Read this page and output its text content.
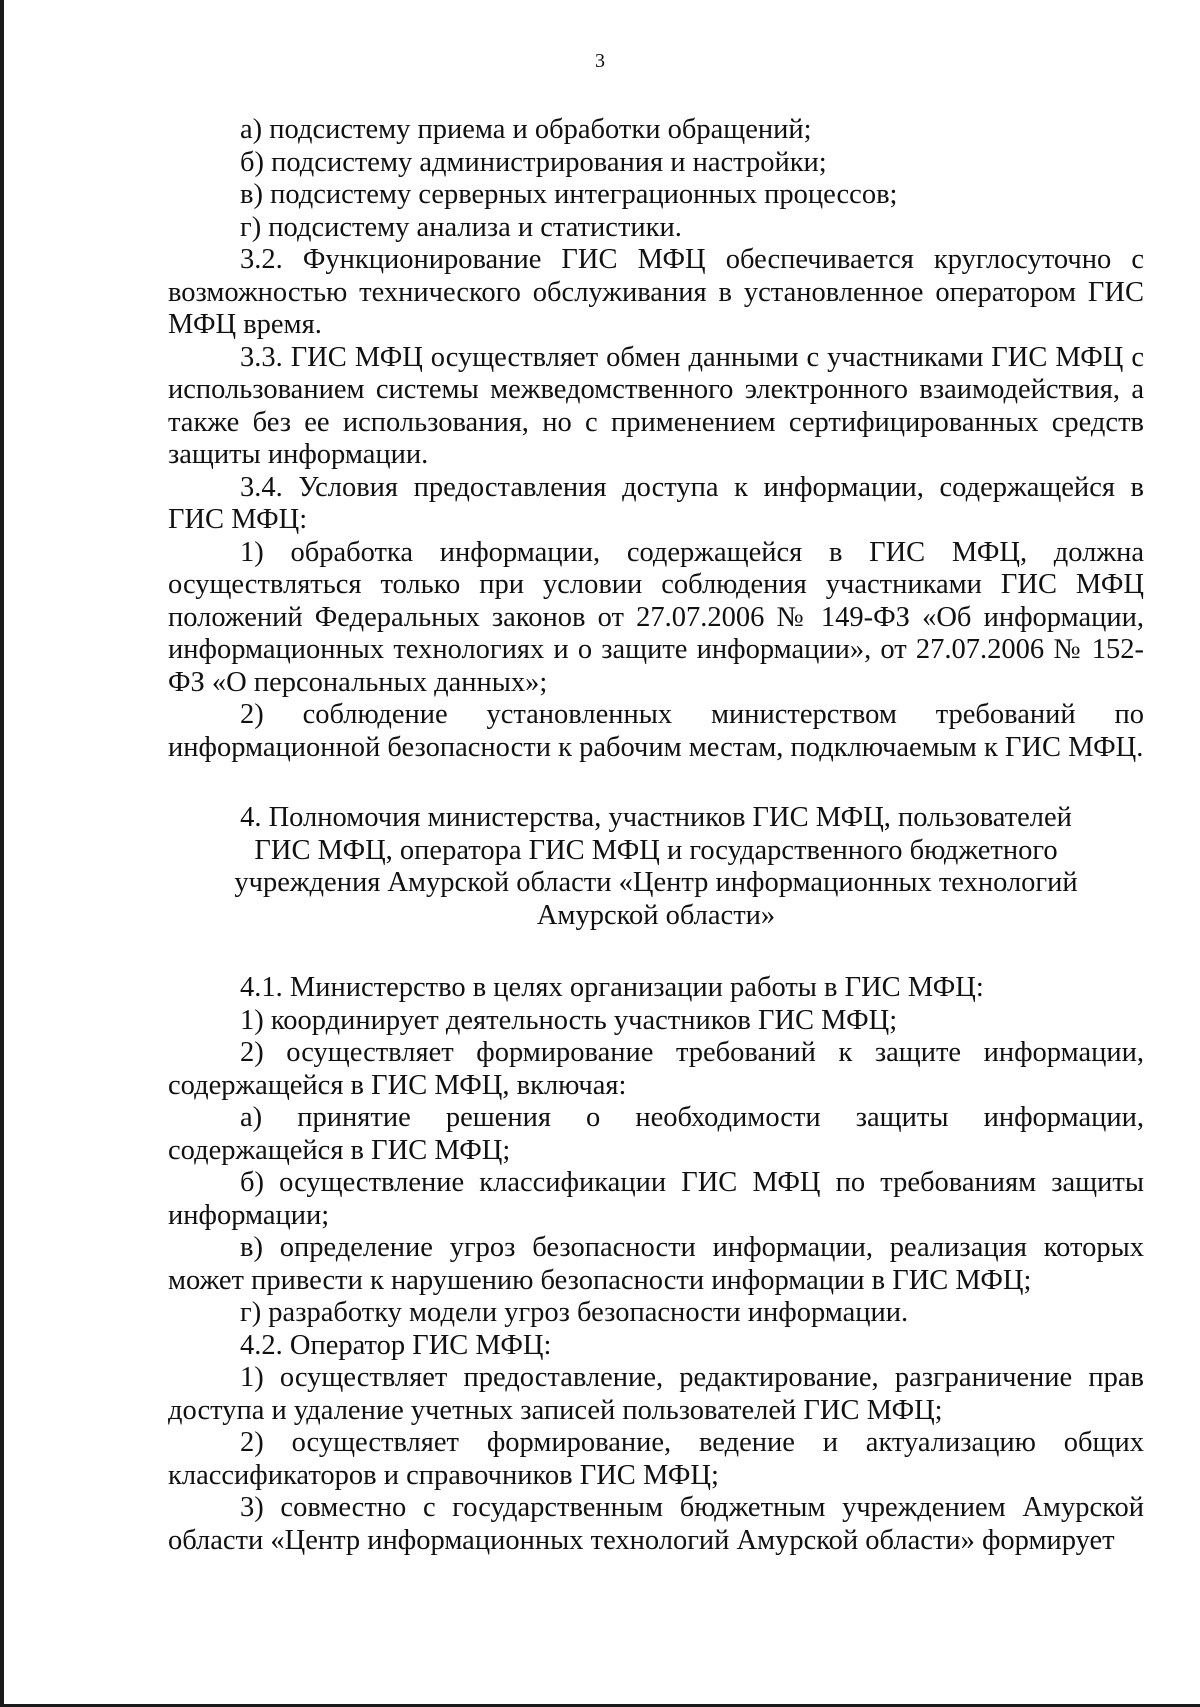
3

а) подсистему приема и обработки обращений;

б) подсистему администрирования и настройки;

в) подсистему серверных интеграционных процессов;

г) подсистему анализа и статистики.

3.2. Функционирование ГИС МФЦ обеспечивается круглосуточно с возможностью технического обслуживания в установленное оператором ГИС МФЦ время.

3.3. ГИС МФЦ осуществляет обмен данными с участниками ГИС МФЦ с использованием системы межведомственного электронного взаимодействия, а также без ее использования, но с применением сертифицированных средств защиты информации.

3.4. Условия предоставления доступа к информации, содержащейся в ГИС МФЦ:

1) обработка информации, содержащейся в ГИС МФЦ, должна осуществляться только при условии соблюдения участниками ГИС МФЦ положений Федеральных законов от 27.07.2006 № 149-ФЗ «Об информации, информационных технологиях и о защите информации», от 27.07.2006 № 152-ФЗ «О персональных данных»;

2) соблюдение установленных министерством требований по информационной безопасности к рабочим местам, подключаемым к ГИС МФЦ.

4. Полномочия министерства, участников ГИС МФЦ, пользователей ГИС МФЦ, оператора ГИС МФЦ и государственного бюджетного учреждения Амурской области «Центр информационных технологий Амурской области»

4.1. Министерство в целях организации работы в ГИС МФЦ:

1) координирует деятельность участников ГИС МФЦ;

2) осуществляет формирование требований к защите информации, содержащейся в ГИС МФЦ, включая:

а) принятие решения о необходимости защиты информации, содержащейся в ГИС МФЦ;

б) осуществление классификации ГИС МФЦ по требованиям защиты информации;

в) определение угроз безопасности информации, реализация которых может привести к нарушению безопасности информации в ГИС МФЦ;

г) разработку модели угроз безопасности информации.

4.2. Оператор ГИС МФЦ:

1) осуществляет предоставление, редактирование, разграничение прав доступа и удаление учетных записей пользователей ГИС МФЦ;

2) осуществляет формирование, ведение и актуализацию общих классификаторов и справочников ГИС МФЦ;

3) совместно с государственным бюджетным учреждением Амурской области «Центр информационных технологий Амурской области» формирует
